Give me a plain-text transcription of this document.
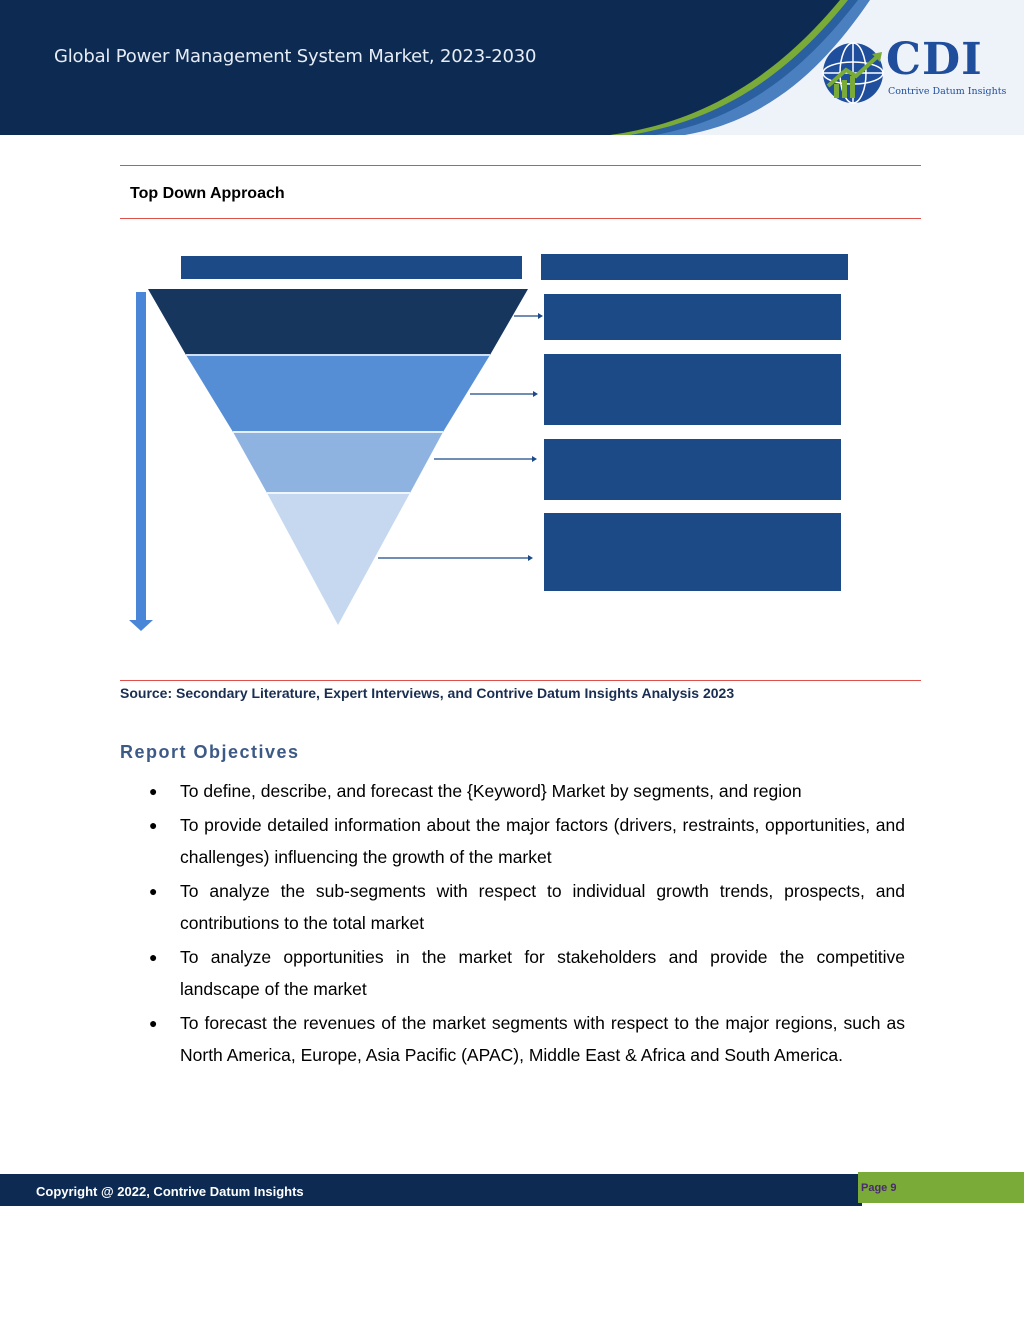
Global Power Management System Market, 2023-2030	CDI
Contrive Datum Insights
Top Down Approach
Source: Secondary Literature, Expert Interviews, and Contrive Datum Insights Analysis 2023
Report Objectives
● To define, describe, and forecast the {Keyword} Market by segments, and region
● To provide detailed information about the major factors (drivers, restraints, opportunities, and challenges) influencing the growth of the market
● To analyze the sub-segments with respect to individual growth trends, prospects, and contributions to the total market
● To analyze opportunities in the market for stakeholders and provide the competitive landscape of the market
● To forecast the revenues of the market segments with respect to the major regions, such as North America, Europe, Asia Pacific (APAC), Middle East & Africa and South America.
Copyright @ 2022, Contrive Datum Insights	Page 9
